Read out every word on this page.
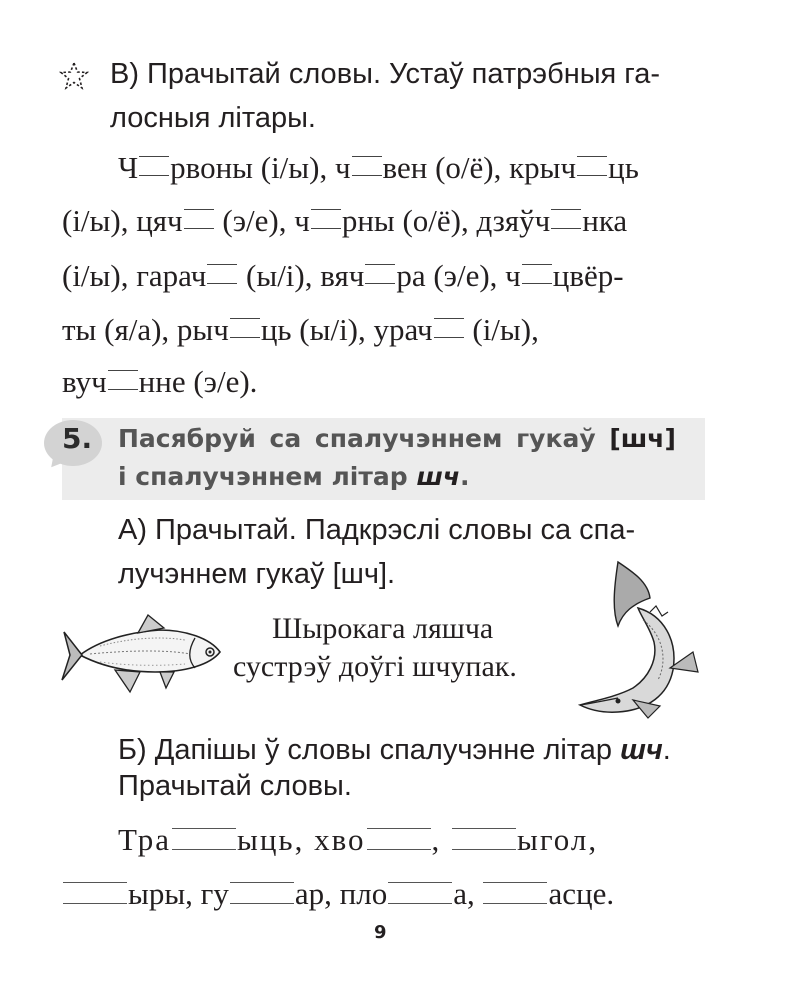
В) Прачытай словы. Устаў патрэбныя га-
лосныя літары.
Ч рвоны (і/ы), ч вен (о/ё), крыч ць
(і/ы), цяч (э/е), ч рны (о/ё), дзяўч нка
(і/ы), гарач (ы/і), вяч ра (э/е), ч цвёр-
ты (я/а), рыч ць (ы/і), урач (і/ы),
вуч нне (э/е).
5. Пасябруй са спалучэннем гукаў [шч]
і спалучэннем літар шч.
А) Прачытай. Падкрэслі словы са спа-
лучэннем гукаў [шч].
Шырокага ляшча
сустрэў доўгі шчупак.
Б) Дапішы ў словы спалучэнне літар шч.
Прачытай словы.
Тра ыць, хво , ыгол,
ыры, гу ар, пло а, асце.
9
